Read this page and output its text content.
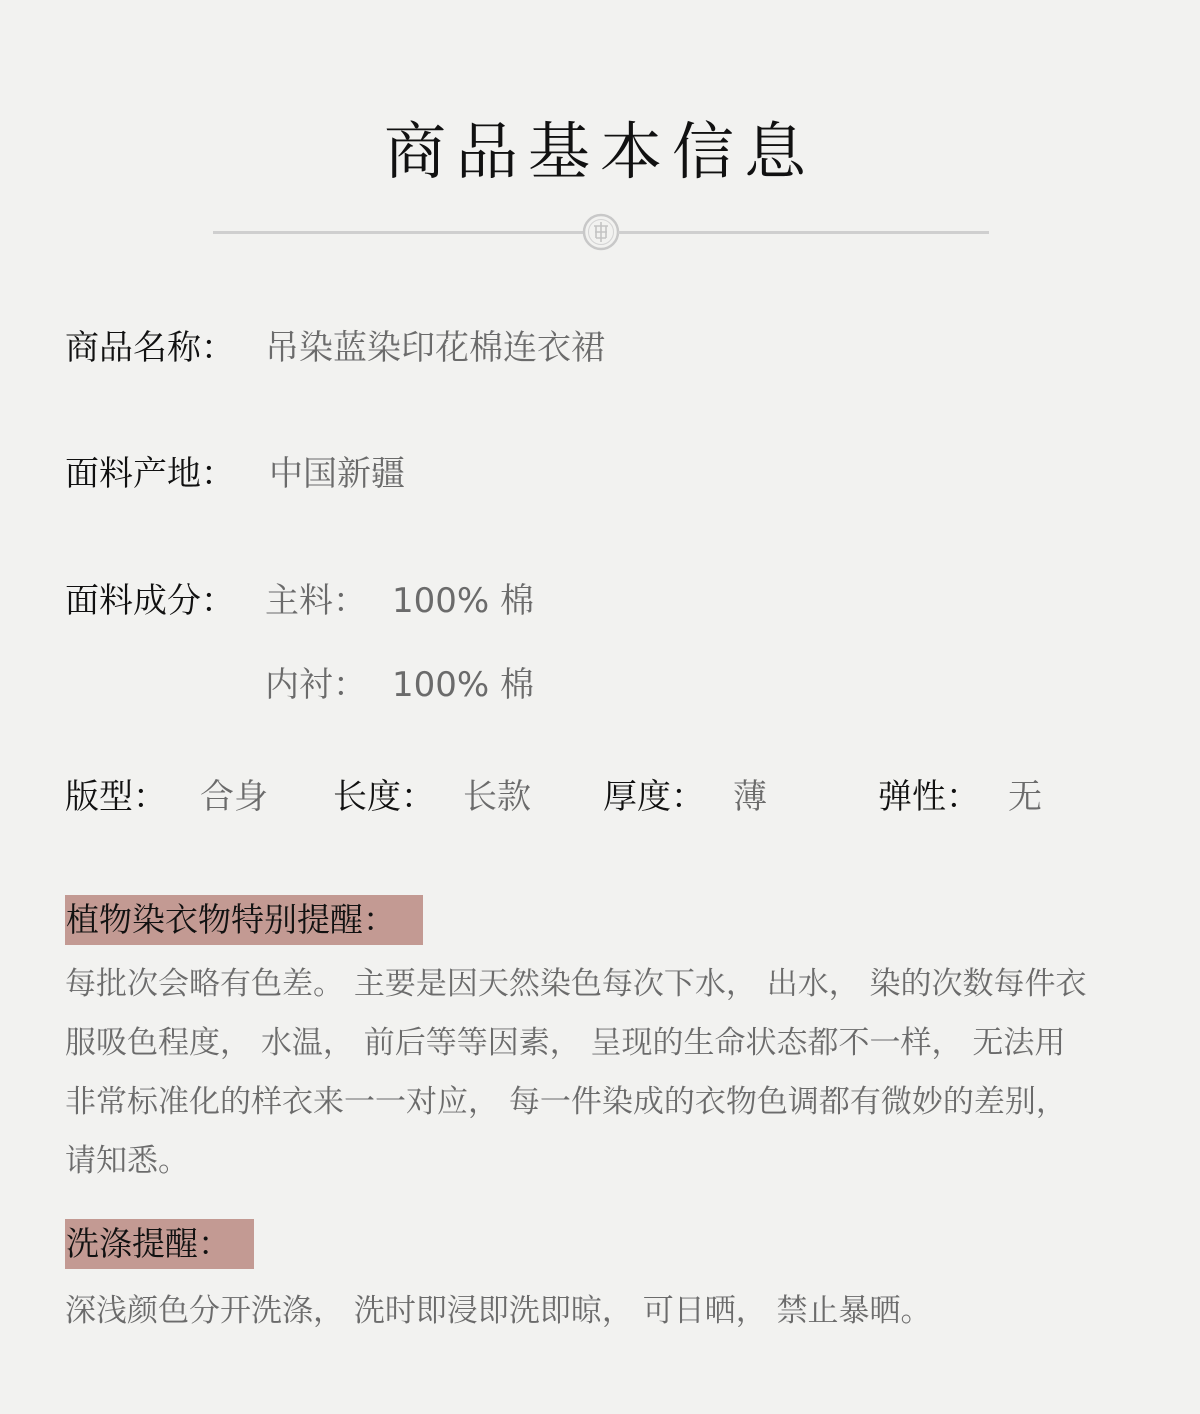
商品基本信息
商品名称： 吊染蓝染印花棉连衣裙
面料产地： 中国新疆
面料成分： 主料： 100% 棉
内衬： 100% 棉
版型： 合身 长度： 长款 厚度： 薄	弹性： 无
植物染衣物特别提醒：
每批次会略有色差。 主要是因天然染色每次下水， 出水， 染的次数每件衣服吸色程度， 水温， 前后等等因素， 呈现的生命状态都不一样， 无法用非常标准化的样衣来一一对应， 每一件染成的衣物色调都有微妙的差别， 请知悉。
洗涤提醒：
深浅颜色分开洗涤， 洗时即浸即洗即晾， 可日晒， 禁止暴晒。
